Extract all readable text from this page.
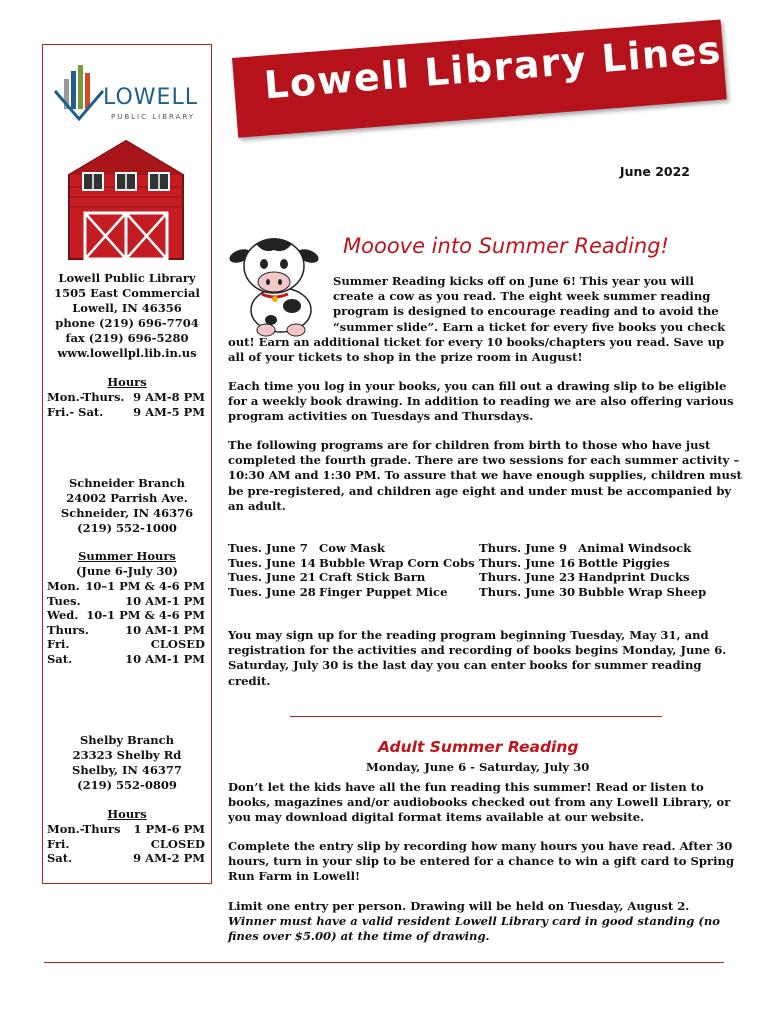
LOWELL
PUBLIC LIBRARY
Lowell Public Library
1505 East Commercial
Lowell, IN 46356
phone (219) 696-7704
fax (219) 696-5280
www.lowellpl.lib.in.us
Hours
Mon.-Thurs. 9 AM-8 PM
Fri.- Sat.	9 AM-5 PM
Schneider Branch
24002 Parrish Ave.
Schneider, IN 46376
(219) 552-1000
Summer Hours
(June 6-July 30)
Mon. 10–1 PM & 4-6 PM
Tues.	10 AM-1 PM
Wed. 10-1 PM & 4-6 PM
Thurs.	10 AM-1 PM
Fri.	CLOSED
Sat.	10 AM-1 PM
Shelby Branch
23323 Shelby Rd
Shelby, IN 46377
(219) 552-0809
Hours
Mon.-Thurs 1 PM-6 PM
Fri.	CLOSED
Sat.	9 AM-2 PM
Lowell Library Lines
June 2022
Mooove into Summer Reading!
Summer Reading kicks off on June 6! This year you will
create a cow as you read. The eight week summer reading
program is designed to encourage reading and to avoid the
“summer slide”. Earn a ticket for every five books you check
out! Earn an additional ticket for every 10 books/chapters you read. Save up
all of your tickets to shop in the prize room in August!
Each time you log in your books, you can fill out a drawing slip to be eligible
for a weekly book drawing. In addition to reading we are also offering various
program activities on Tuesdays and Thursdays.
The following programs are for children from birth to those who have just
completed the fourth grade. There are two sessions for each summer activity –
10:30 AM and 1:30 PM. To assure that we have enough supplies, children must
be pre-registered, and children age eight and under must be accompanied by
an adult.
Tues. June 7 Cow Mask	Thurs. June 9 Animal Windsock
Tues. June 14 Bubble Wrap Corn Cobs Thurs. June 16 Bottle Piggies
Tues. June 21 Craft Stick Barn	Thurs. June 23 Handprint Ducks
Tues. June 28 Finger Puppet Mice	Thurs. June 30 Bubble Wrap Sheep
You may sign up for the reading program beginning Tuesday, May 31, and
registration for the activities and recording of books begins Monday, June 6.
Saturday, July 30 is the last day you can enter books for summer reading
credit.
Adult Summer Reading
Monday, June 6 - Saturday, July 30
Don’t let the kids have all the fun reading this summer! Read or listen to
books, magazines and/or audiobooks checked out from any Lowell Library, or
you may download digital format items available at our website.
Complete the entry slip by recording how many hours you have read. After 30
hours, turn in your slip to be entered for a chance to win a gift card to Spring
Run Farm in Lowell!
Limit one entry per person. Drawing will be held on Tuesday, August 2.
Winner must have a valid resident Lowell Library card in good standing (no
fines over $5.00) at the time of drawing.
